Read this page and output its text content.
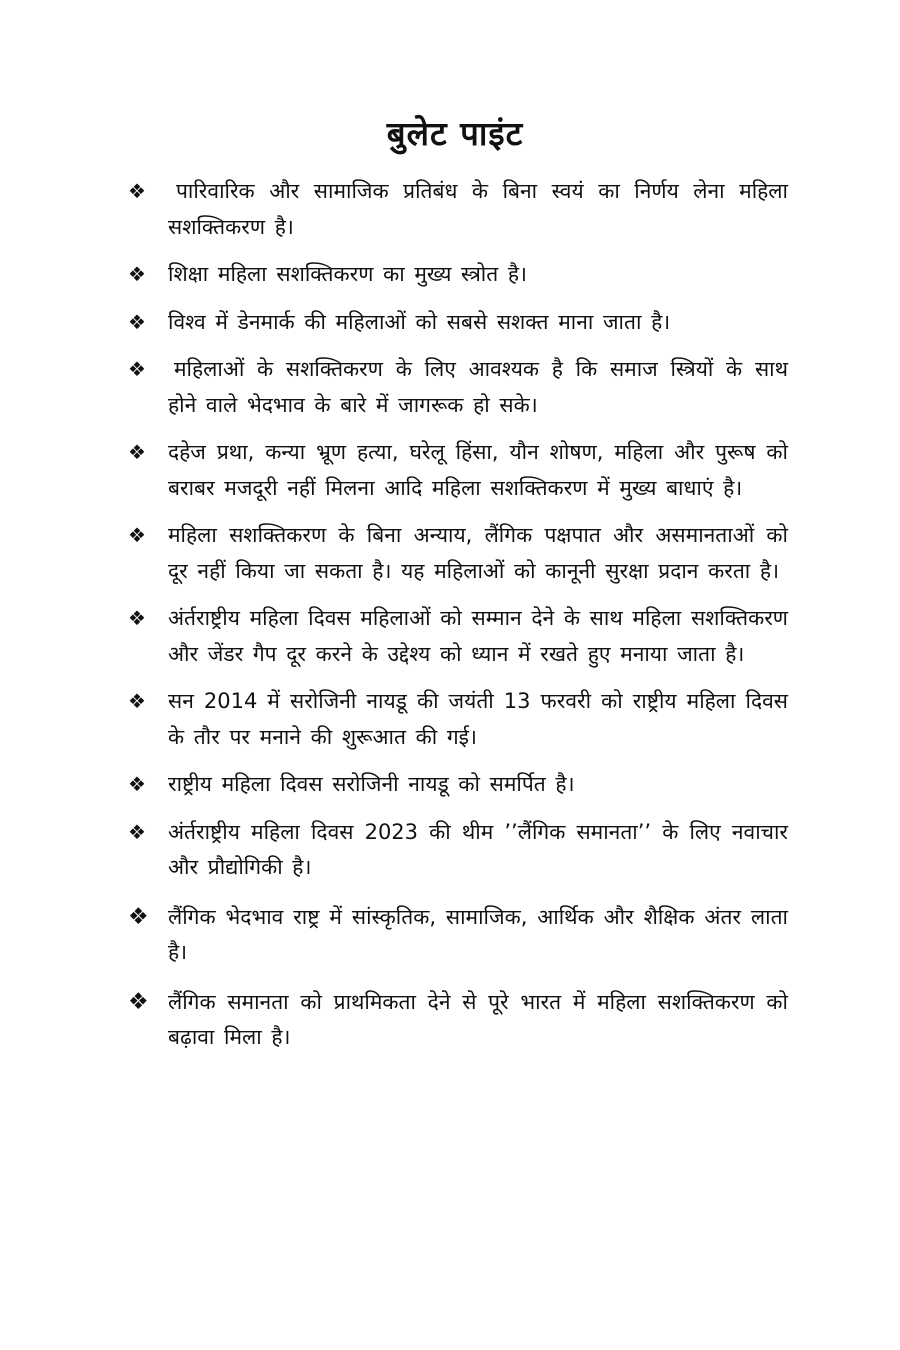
बुलेट पाइंट
❖	पारिवारिक और सामाजिक प्रतिबंध के बिना स्वयं का निर्णय लेना महिला सशक्तिकरण है।
❖	शिक्षा महिला सशक्तिकरण का मुख्य स्त्रोत है।
❖	विश्व में डेनमार्क की महिलाओं को सबसे सशक्त माना जाता है।
❖	महिलाओं के सशक्तिकरण के लिए आवश्यक है कि समाज स्त्रियों के साथ होने वाले भेदभाव के बारे में जागरूक हो सके।
❖	दहेज प्रथा, कन्या भ्रूण हत्या, घरेलू हिंसा, यौन शोषण, महिला और पुरूष को बराबर मजदूरी नहीं मिलना आदि महिला सशक्तिकरण में मुख्य बाधाएं है।
❖	महिला सशक्तिकरण के बिना अन्याय, लैंगिक पक्षपात और असमानताओं को दूर नहीं किया जा सकता है। यह महिलाओं को कानूनी सुरक्षा प्रदान करता है।
❖	अंर्तराष्ट्रीय महिला दिवस महिलाओं को सम्मान देने के साथ महिला सशक्तिकरण और जेंडर गैप दूर करने के उद्देश्य को ध्यान में रखते हुए मनाया जाता है।
❖	सन 2014 में सरोजिनी नायडू की जयंती 13 फरवरी को राष्ट्रीय महिला दिवस के तौर पर मनाने की शुरूआत की गई।
❖	राष्ट्रीय महिला दिवस सरोजिनी नायडू को समर्पित है।
❖	अंर्तराष्ट्रीय महिला दिवस 2023 की थीम ’’लैंगिक समानता’’ के लिए नवाचार और प्रौद्योगिकी है।
❖ लैंगिक भेदभाव राष्ट्र में सांस्कृतिक, सामाजिक, आर्थिक और शैक्षिक अंतर लाता है।
❖ लैंगिक समानता को प्राथमिकता देने से पूरे भारत में महिला सशक्तिकरण को बढ़ावा मिला है।
